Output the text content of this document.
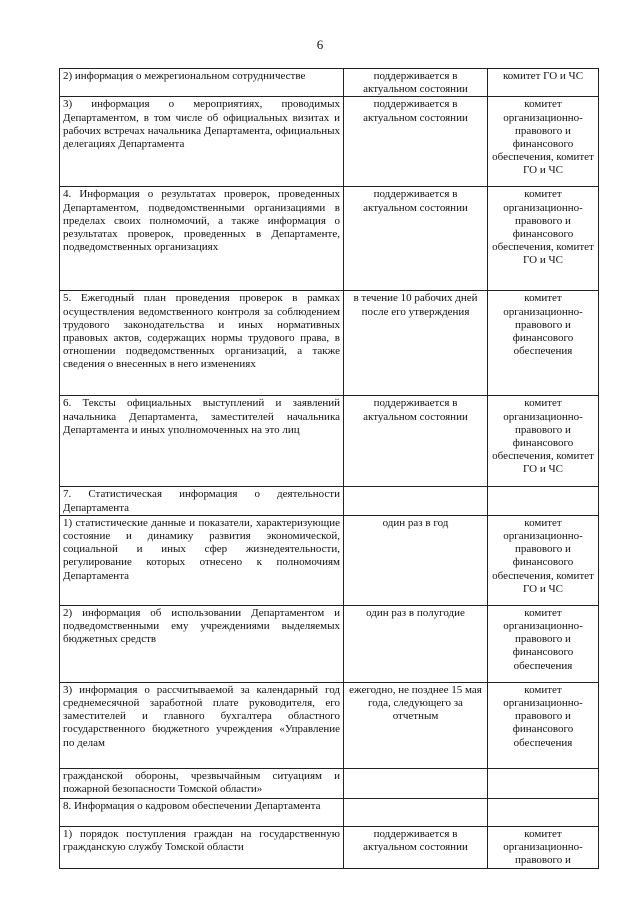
6
2) информация о межрегиональном сотрудничестве	поддерживается в актуальном состоянии	комитет ГО и ЧС
3) информация о мероприятиях, проводимых Департаментом, в том числе об официальных визитах и рабочих встречах начальника Департамента, официальных делегациях Департамента	поддерживается в актуальном состоянии	комитет организационно-правового и финансового обеспечения, комитет ГО и ЧС
4. Информация о результатах проверок, проведенных Департаментом, подведомственными организациями в пределах своих полномочий, а также информация о результатах проверок, проведенных в Департаменте, подведомственных организациях	поддерживается в актуальном состоянии	комитет организационно-правового и финансового обеспечения, комитет ГО и ЧС
5. Ежегодный план проведения проверок в рамках осуществления ведомственного контроля за соблюдением трудового законодательства и иных нормативных правовых актов, содержащих нормы трудового права, в отношении подведомственных организаций, а также сведения о внесенных в него изменениях	в течение 10 рабочих дней после его утверждения	комитет организационно-правового и финансового обеспечения
6. Тексты официальных выступлений и заявлений начальника Департамента, заместителей начальника Департамента и иных уполномоченных на это лиц	поддерживается в актуальном состоянии	комитет организационно-правового и финансового обеспечения, комитет ГО и ЧС
7. Статистическая информация о деятельности Департамента		
1) статистические данные и показатели, характеризующие состояние и динамику развития экономической, социальной и иных сфер жизнедеятельности, регулирование которых отнесено к полномочиям Департамента	один раз в год	комитет организационно-правового и финансового обеспечения, комитет ГО и ЧС
2) информация об использовании Департаментом и подведомственными ему учреждениями выделяемых бюджетных средств	один раз в полугодие	комитет организационно-правового и финансового обеспечения
3) информация о рассчитываемой за календарный год среднемесячной заработной плате руководителя, его заместителей и главного бухгалтера областного государственного бюджетного учреждения «Управление по делам	ежегодно, не позднее 15 мая года, следующего за отчетным	комитет организационно-правового и финансового обеспечения
гражданской обороны, чрезвычайным ситуациям и пожарной безопасности Томской области»		
8. Информация о кадровом обеспечении Департамента		
1) порядок поступления граждан на государственную гражданскую службу Томской области	поддерживается в актуальном состоянии	комитет организационно-правового и
